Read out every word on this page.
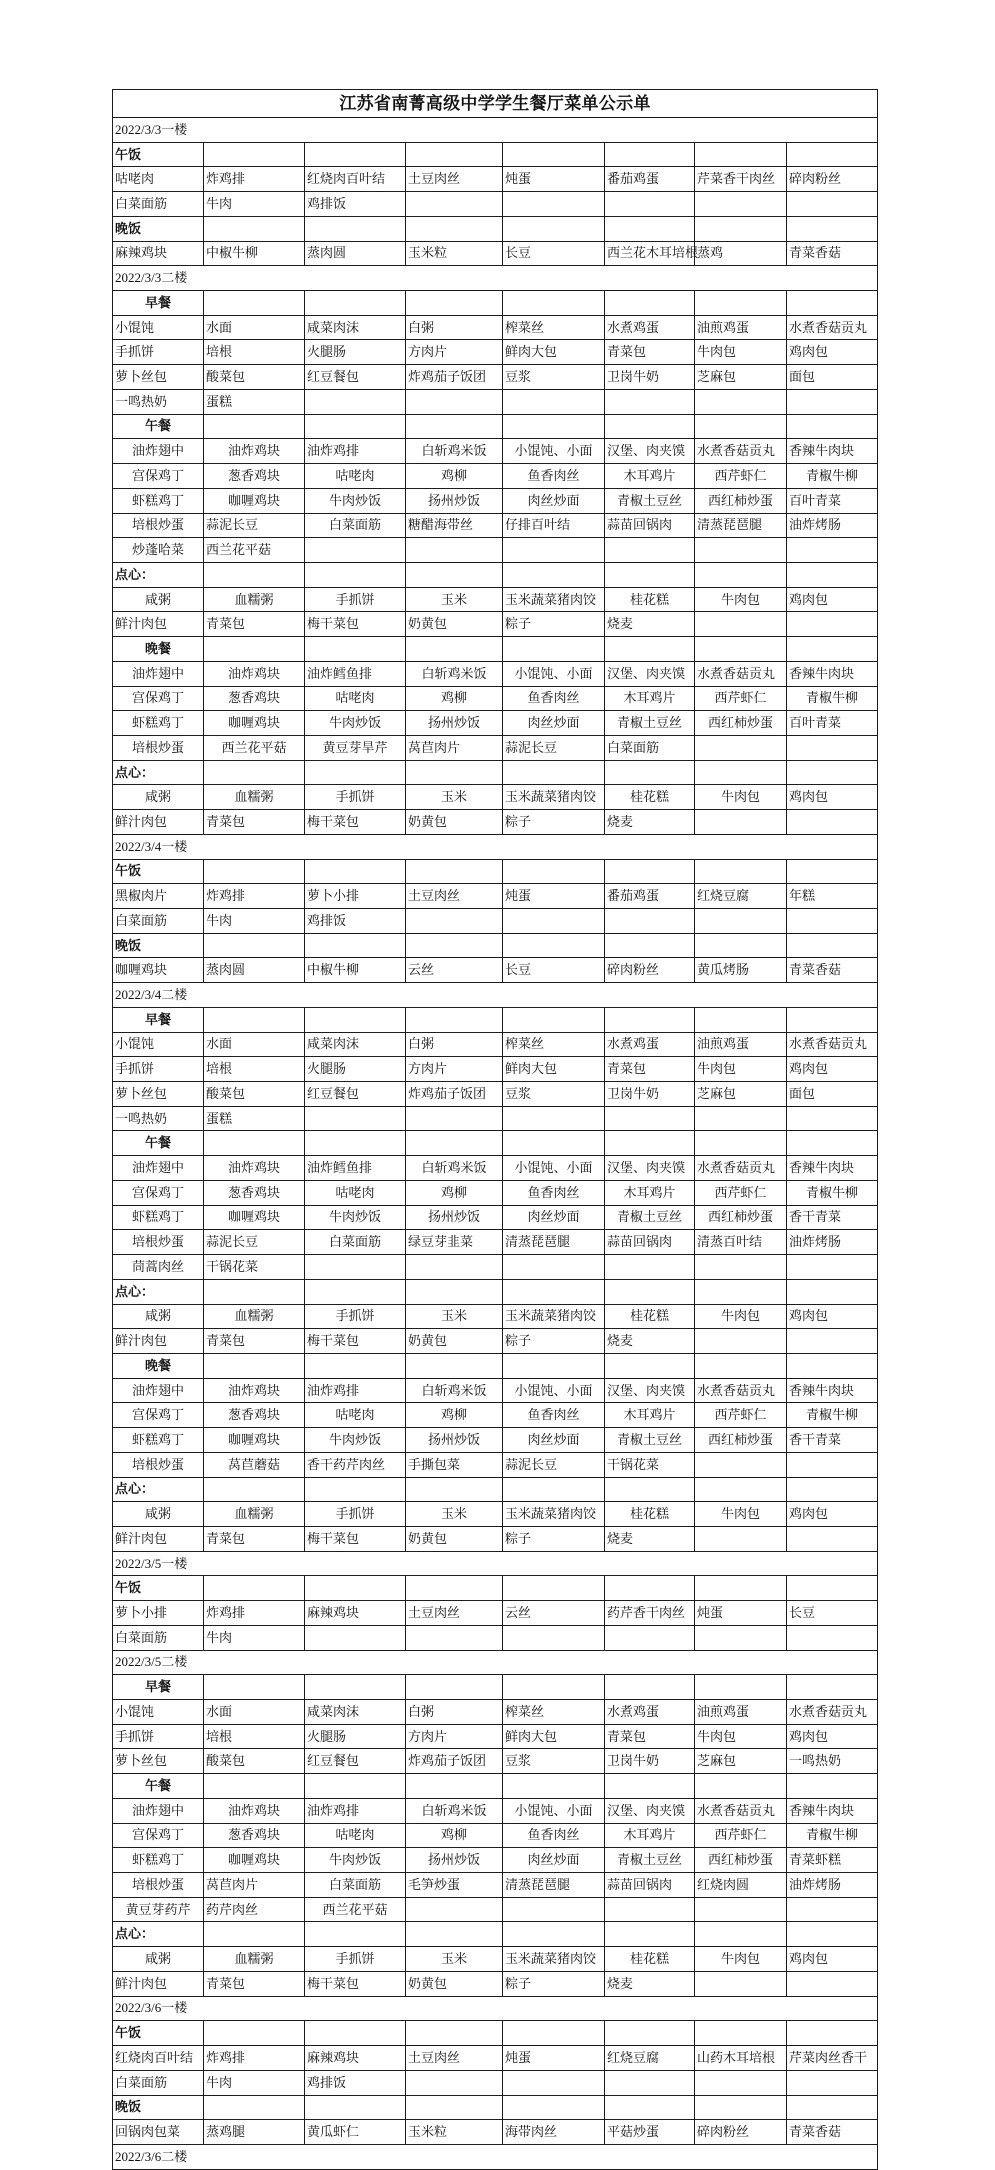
江苏省南菁高级中学学生餐厅菜单公示单							
2022/3/3一楼							
午饭							
咕咾肉	炸鸡排	红烧肉百叶结	土豆肉丝	炖蛋	番茄鸡蛋	芹菜香干肉丝	碎肉粉丝
白菜面筋	牛肉	鸡排饭					
晚饭							
麻辣鸡块	中椒牛柳	蒸肉圆	玉米粒	长豆	西兰花木耳培根	蒸鸡	青菜香菇
2022/3/3二楼							
早餐							
小馄饨	水面	咸菜肉沫	白粥	榨菜丝	水煮鸡蛋	油煎鸡蛋	水煮香菇贡丸
手抓饼	培根	火腿肠	方肉片	鲜肉大包	青菜包	牛肉包	鸡肉包
萝卜丝包	酸菜包	红豆餐包	炸鸡茄子饭团	豆浆	卫岗牛奶	芝麻包	面包
一鸣热奶	蛋糕						
午餐							
油炸翅中	油炸鸡块	油炸鸡排	白斩鸡米饭	小馄饨、小面	汉堡、肉夹馍	水煮香菇贡丸	香辣牛肉块
宫保鸡丁	葱香鸡块	咕咾肉	鸡柳	鱼香肉丝	木耳鸡片	西芹虾仁	青椒牛柳
虾糕鸡丁	咖喱鸡块	牛肉炒饭	扬州炒饭	肉丝炒面	青椒土豆丝	西红柿炒蛋	百叶青菜
培根炒蛋	蒜泥长豆	白菜面筋	糖醋海带丝	仔排百叶结	蒜苗回锅肉	清蒸琵琶腿	油炸烤肠
炒蓬哈菜	西兰花平菇						
点心：							
咸粥	血糯粥	手抓饼	玉米	玉米蔬菜猪肉饺	桂花糕	牛肉包	鸡肉包
鲜汁肉包	青菜包	梅干菜包	奶黄包	粽子	烧麦		
晚餐							
油炸翅中	油炸鸡块	油炸鳕鱼排	白斩鸡米饭	小馄饨、小面	汉堡、肉夹馍	水煮香菇贡丸	香辣牛肉块
宫保鸡丁	葱香鸡块	咕咾肉	鸡柳	鱼香肉丝	木耳鸡片	西芹虾仁	青椒牛柳
虾糕鸡丁	咖喱鸡块	牛肉炒饭	扬州炒饭	肉丝炒面	青椒土豆丝	西红柿炒蛋	百叶青菜
培根炒蛋	西兰花平菇	黄豆芽旱芹	莴苣肉片	蒜泥长豆	白菜面筋		
点心：							
咸粥	血糯粥	手抓饼	玉米	玉米蔬菜猪肉饺	桂花糕	牛肉包	鸡肉包
鲜汁肉包	青菜包	梅干菜包	奶黄包	粽子	烧麦		
2022/3/4一楼							
午饭							
黑椒肉片	炸鸡排	萝卜小排	土豆肉丝	炖蛋	番茄鸡蛋	红烧豆腐	年糕
白菜面筋	牛肉	鸡排饭					
晚饭							
咖喱鸡块	蒸肉圆	中椒牛柳	云丝	长豆	碎肉粉丝	黄瓜烤肠	青菜香菇
2022/3/4二楼							
早餐							
小馄饨	水面	咸菜肉沫	白粥	榨菜丝	水煮鸡蛋	油煎鸡蛋	水煮香菇贡丸
手抓饼	培根	火腿肠	方肉片	鲜肉大包	青菜包	牛肉包	鸡肉包
萝卜丝包	酸菜包	红豆餐包	炸鸡茄子饭团	豆浆	卫岗牛奶	芝麻包	面包
一鸣热奶	蛋糕						
午餐							
油炸翅中	油炸鸡块	油炸鳕鱼排	白斩鸡米饭	小馄饨、小面	汉堡、肉夹馍	水煮香菇贡丸	香辣牛肉块
宫保鸡丁	葱香鸡块	咕咾肉	鸡柳	鱼香肉丝	木耳鸡片	西芹虾仁	青椒牛柳
虾糕鸡丁	咖喱鸡块	牛肉炒饭	扬州炒饭	肉丝炒面	青椒土豆丝	西红柿炒蛋	香干青菜
培根炒蛋	蒜泥长豆	白菜面筋	绿豆芽韭菜	清蒸琵琶腿	蒜苗回锅肉	清蒸百叶结	油炸烤肠
茼蒿肉丝	干锅花菜						
点心：							
咸粥	血糯粥	手抓饼	玉米	玉米蔬菜猪肉饺	桂花糕	牛肉包	鸡肉包
鲜汁肉包	青菜包	梅干菜包	奶黄包	粽子	烧麦		
晚餐							
油炸翅中	油炸鸡块	油炸鸡排	白斩鸡米饭	小馄饨、小面	汉堡、肉夹馍	水煮香菇贡丸	香辣牛肉块
宫保鸡丁	葱香鸡块	咕咾肉	鸡柳	鱼香肉丝	木耳鸡片	西芹虾仁	青椒牛柳
虾糕鸡丁	咖喱鸡块	牛肉炒饭	扬州炒饭	肉丝炒面	青椒土豆丝	西红柿炒蛋	香干青菜
培根炒蛋	莴苣蘑菇	香干药芹肉丝	手撕包菜	蒜泥长豆	干锅花菜		
点心：							
咸粥	血糯粥	手抓饼	玉米	玉米蔬菜猪肉饺	桂花糕	牛肉包	鸡肉包
鲜汁肉包	青菜包	梅干菜包	奶黄包	粽子	烧麦		
2022/3/5一楼							
午饭							
萝卜小排	炸鸡排	麻辣鸡块	土豆肉丝	云丝	药芹香干肉丝	炖蛋	长豆
白菜面筋	牛肉						
2022/3/5二楼							
早餐							
小馄饨	水面	咸菜肉沫	白粥	榨菜丝	水煮鸡蛋	油煎鸡蛋	水煮香菇贡丸
手抓饼	培根	火腿肠	方肉片	鲜肉大包	青菜包	牛肉包	鸡肉包
萝卜丝包	酸菜包	红豆餐包	炸鸡茄子饭团	豆浆	卫岗牛奶	芝麻包	一鸣热奶
午餐							
油炸翅中	油炸鸡块	油炸鸡排	白斩鸡米饭	小馄饨、小面	汉堡、肉夹馍	水煮香菇贡丸	香辣牛肉块
宫保鸡丁	葱香鸡块	咕咾肉	鸡柳	鱼香肉丝	木耳鸡片	西芹虾仁	青椒牛柳
虾糕鸡丁	咖喱鸡块	牛肉炒饭	扬州炒饭	肉丝炒面	青椒土豆丝	西红柿炒蛋	青菜虾糕
培根炒蛋	莴苣肉片	白菜面筋	毛笋炒蛋	清蒸琵琶腿	蒜苗回锅肉	红烧肉圆	油炸烤肠
黄豆芽药芹	药芹肉丝	西兰花平菇					
点心：							
咸粥	血糯粥	手抓饼	玉米	玉米蔬菜猪肉饺	桂花糕	牛肉包	鸡肉包
鲜汁肉包	青菜包	梅干菜包	奶黄包	粽子	烧麦		
2022/3/6一楼							
午饭							
红烧肉百叶结	炸鸡排	麻辣鸡块	土豆肉丝	炖蛋	红烧豆腐	山药木耳培根	芹菜肉丝香干
白菜面筋	牛肉	鸡排饭					
晚饭							
回锅肉包菜	蒸鸡腿	黄瓜虾仁	玉米粒	海带肉丝	平菇炒蛋	碎肉粉丝	青菜香菇
2022/3/6二楼							
